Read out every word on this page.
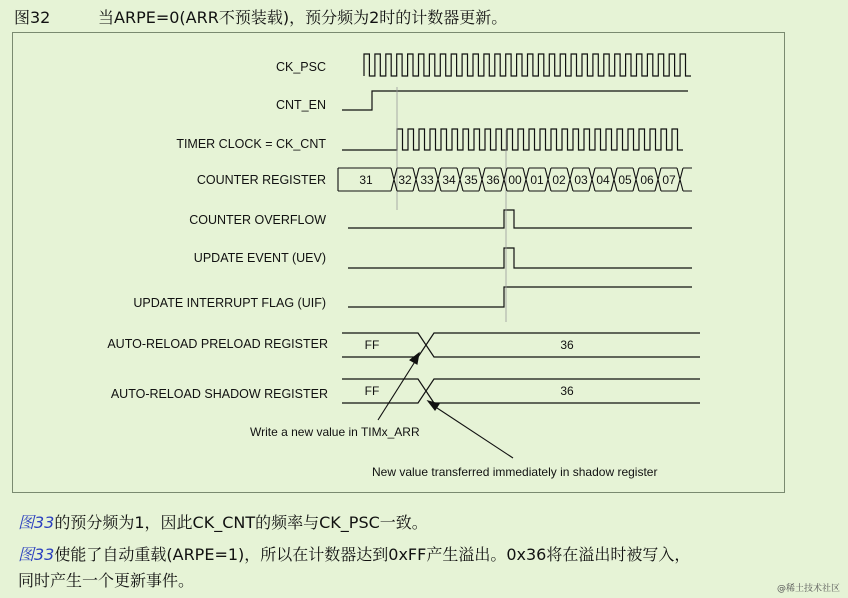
图32	当ARPE=0(ARR不预装载)，预分频为2时的计数器更新。
31 32 33 34 35 36 00 01 02 03 04 05 06 07
CK_PSC
CNT_EN
TIMER CLOCK = CK_CNT
COUNTER REGISTER
COUNTER OVERFLOW
UPDATE EVENT (UEV)
UPDATE INTERRUPT FLAG (UIF)
AUTO-RELOAD PRELOAD REGISTER
AUTO-RELOAD SHADOW REGISTER
FF	36
FF	36
Write a new value in TIMx_ARR
New value transferred immediately in shadow register
图33的预分频为1，因此CK_CNT的频率与CK_PSC一致。
图33使能了自动重载(ARPE=1)，所以在计数器达到0xFF产生溢出。0x36将在溢出时被写入，
同时产生一个更新事件。	@稀土技术社区
